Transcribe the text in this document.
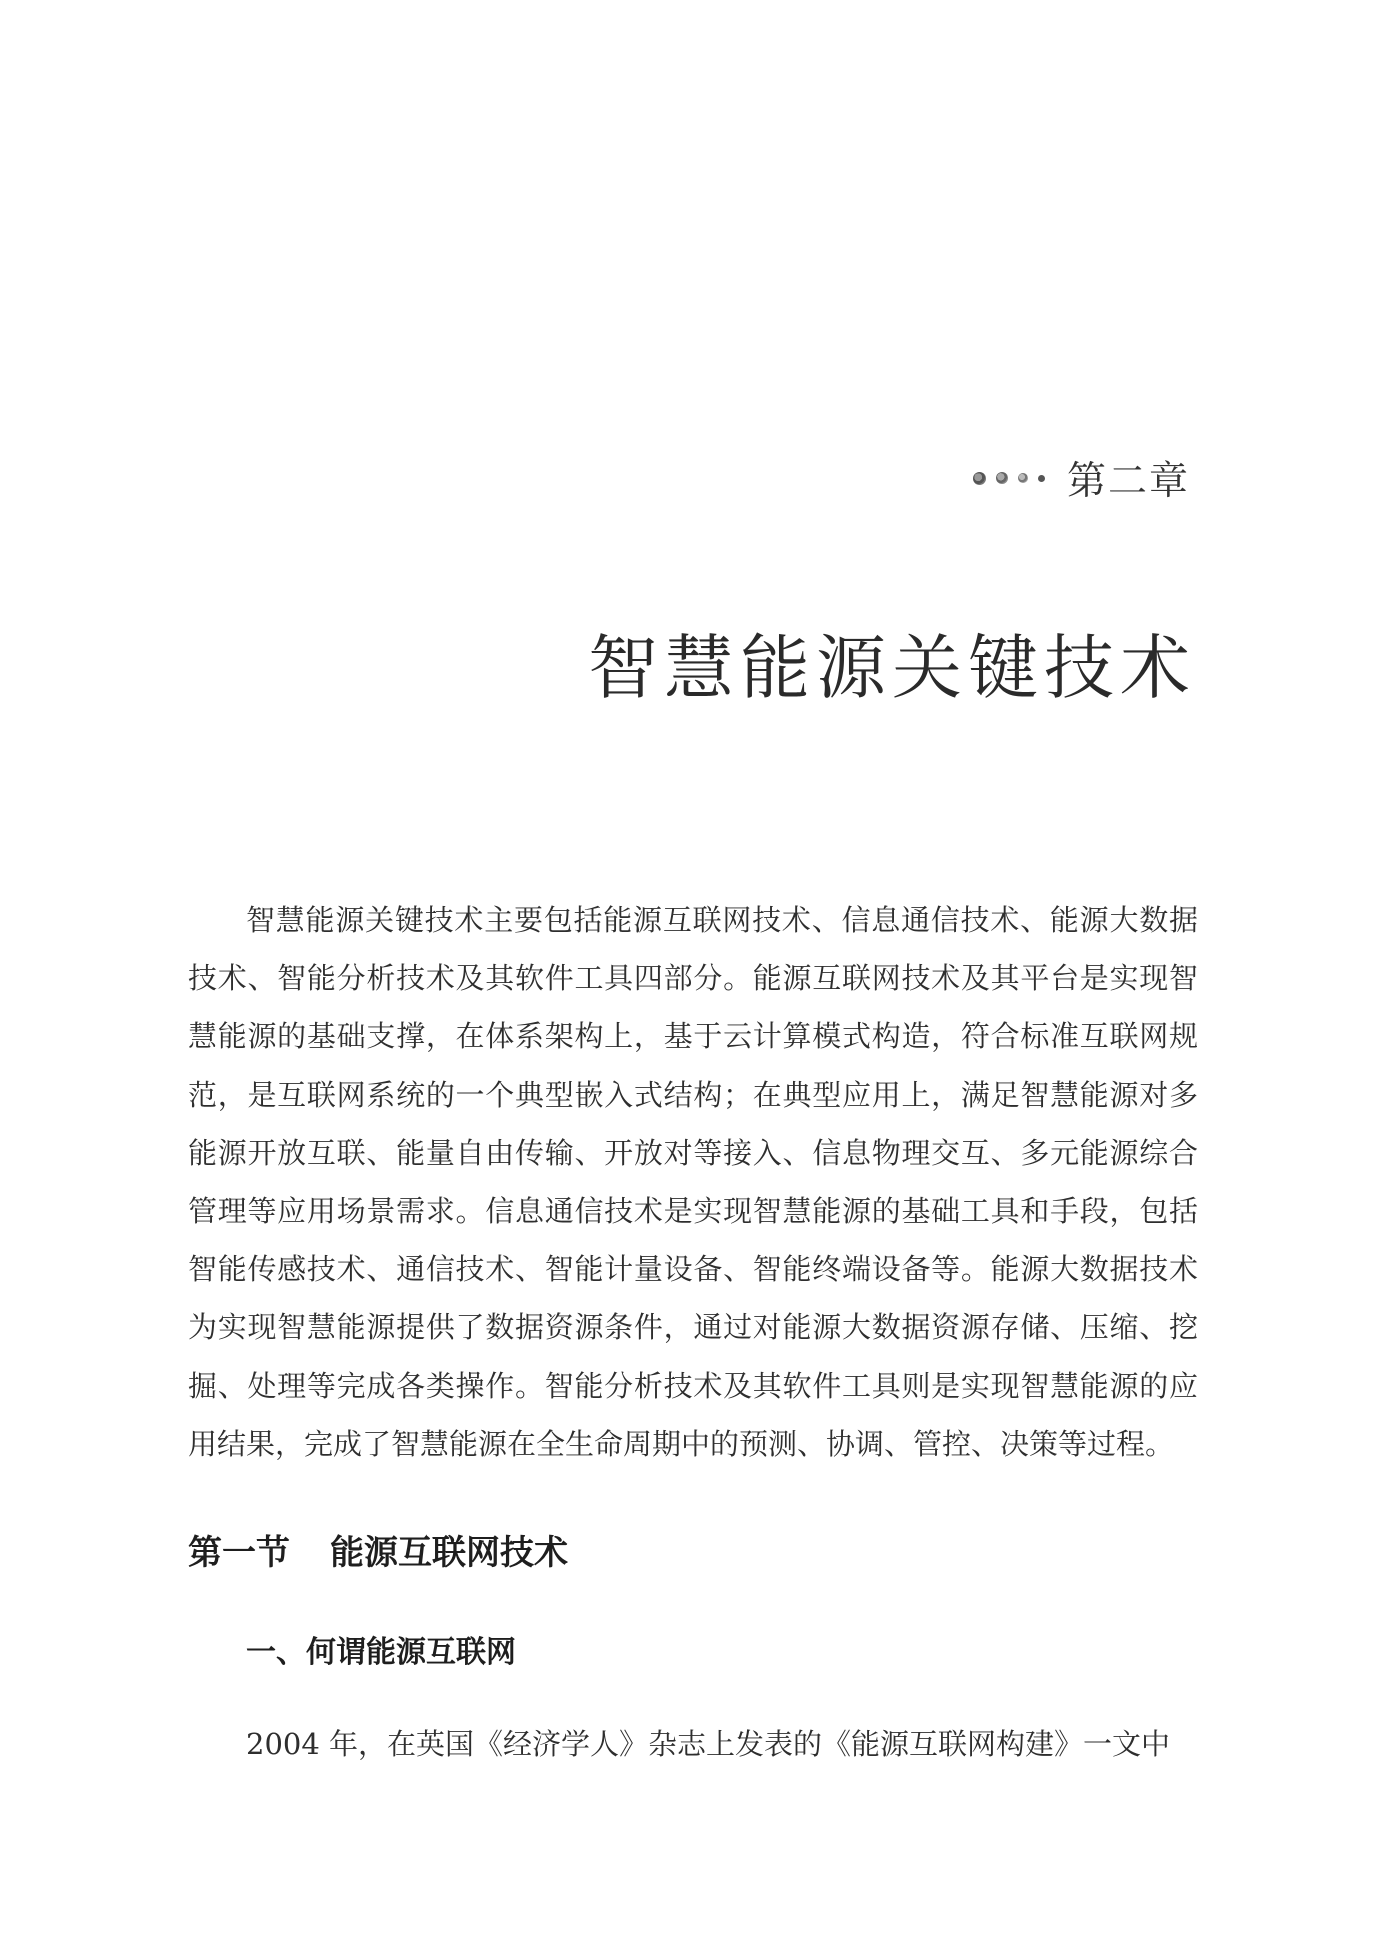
第二章
智慧能源关键技术

智慧能源关键技术主要包括能源互联网技术、信息通信技术、能源大数据技术、智能分析技术及其软件工具四部分。能源互联网技术及其平台是实现智慧能源的基础支撑，在体系架构上，基于云计算模式构造，符合标准互联网规范，是互联网系统的一个典型嵌入式结构；在典型应用上，满足智慧能源对多能源开放互联、能量自由传输、开放对等接入、信息物理交互、多元能源综合管理等应用场景需求。信息通信技术是实现智慧能源的基础工具和手段，包括智能传感技术、通信技术、智能计量设备、智能终端设备等。能源大数据技术为实现智慧能源提供了数据资源条件，通过对能源大数据资源存储、压缩、挖掘、处理等完成各类操作。智能分析技术及其软件工具则是实现智慧能源的应用结果，完成了智慧能源在全生命周期中的预测、协调、管控、决策等过程。

第一节 能源互联网技术
一、何谓能源互联网

2004 年，在英国《经济学人》杂志上发表的《能源互联网构建》一文中
